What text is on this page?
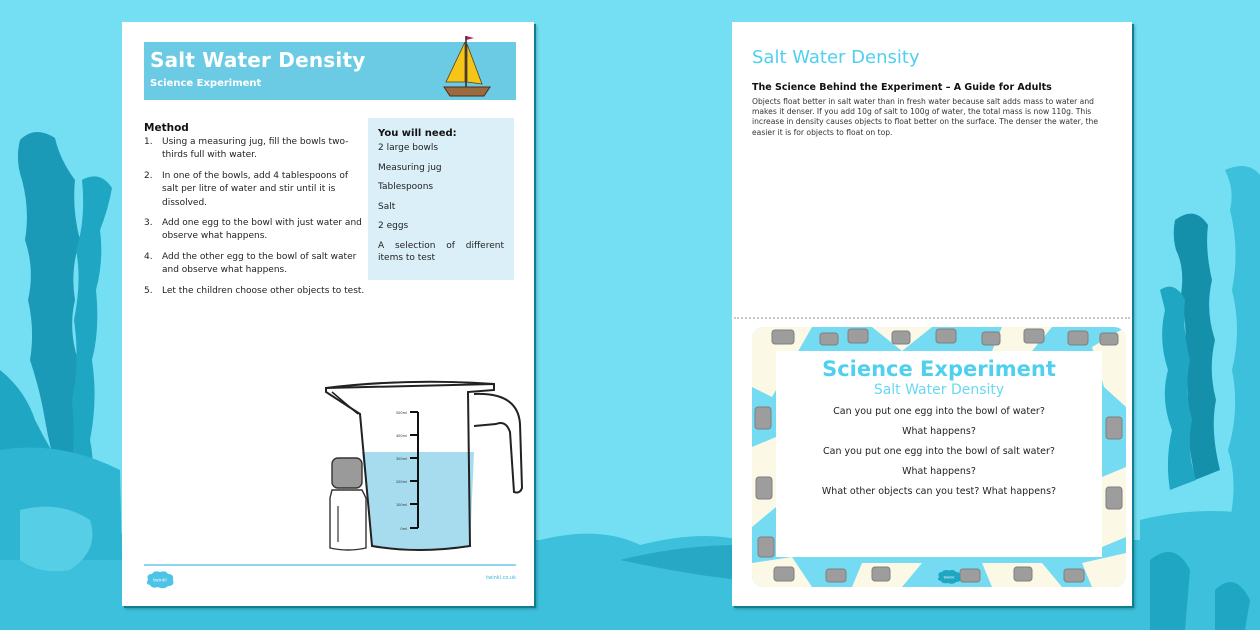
Salt Water Density
Science Experiment
Method
1.	Using a measuring jug, fill the bowls two-thirds full with water.
2.	In one of the bowls, add 4 tablespoons of salt per litre of water and stir until it is dissolved.
3.	Add one egg to the bowl with just water and observe what happens.
4.	Add the other egg to the bowl of salt water and observe what happens.
5.	Let the children choose other objects to test.
You will need:
2 large bowls
Measuring jug
Tablespoons
Salt
2 eggs
A selection of different items to test
500ml
400ml
300ml
200ml
100ml
0ml
twinkl	twinkl.co.uk
Salt Water Density
The Science Behind the Experiment – A Guide for Adults
Objects float better in salt water than in fresh water because salt adds mass to water and makes it denser. If you add 10g of salt to 100g of water, the total mass is now 110g. This increase in density causes objects to float better on the surface. The denser the water, the easier it is for objects to float on top.
Science Experiment
Salt Water Density
Can you put one egg into the bowl of water?
What happens?
Can you put one egg into the bowl of salt water?
What happens?
What other objects can you test? What happens?
twinkl
